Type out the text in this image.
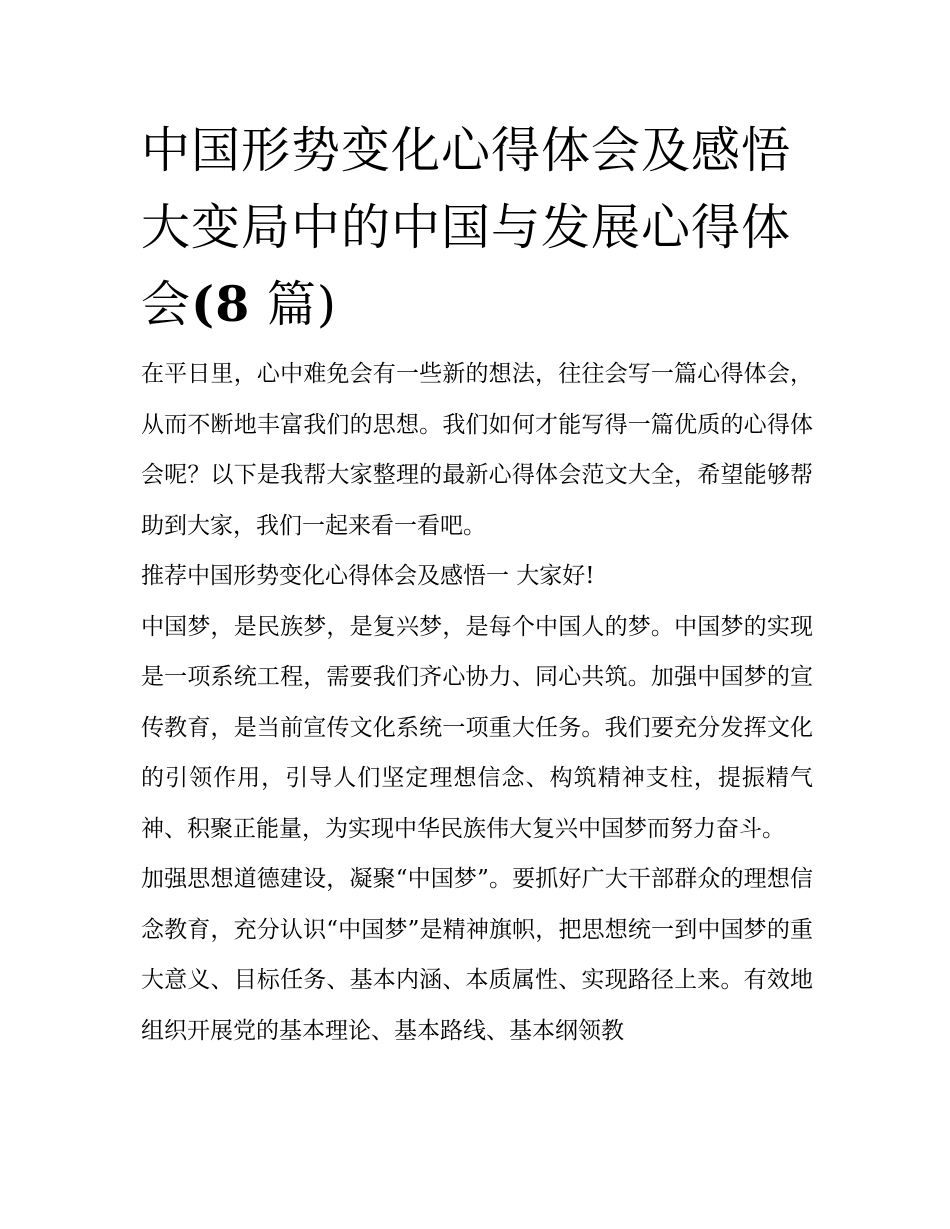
中国形势变化心得体会及感悟
大变局中的中国与发展心得体
会(8 篇)

在平日里，心中难免会有一些新的想法，往往会写一篇心得体会，从而不断地丰富我们的思想。我们如何才能写得一篇优质的心得体会呢？以下是我帮大家整理的最新心得体会范文大全，希望能够帮助到大家，我们一起来看一看吧。

推荐中国形势变化心得体会及感悟一 大家好!

中国梦，是民族梦，是复兴梦，是每个中国人的梦。中国梦的实现是一项系统工程，需要我们齐心协力、同心共筑。加强中国梦的宣传教育，是当前宣传文化系统一项重大任务。我们要充分发挥文化的引领作用，引导人们坚定理想信念、构筑精神支柱，提振精气神、积聚正能量，为实现中华民族伟大复兴中国梦而努力奋斗。

加强思想道德建设，凝聚“中国梦”。要抓好广大干部群众的理想信念教育，充分认识“中国梦”是精神旗帜，把思想统一到中国梦的重大意义、目标任务、基本内涵、本质属性、实现路径上来。有效地组织开展党的基本理论、基本路线、基本纲领教
